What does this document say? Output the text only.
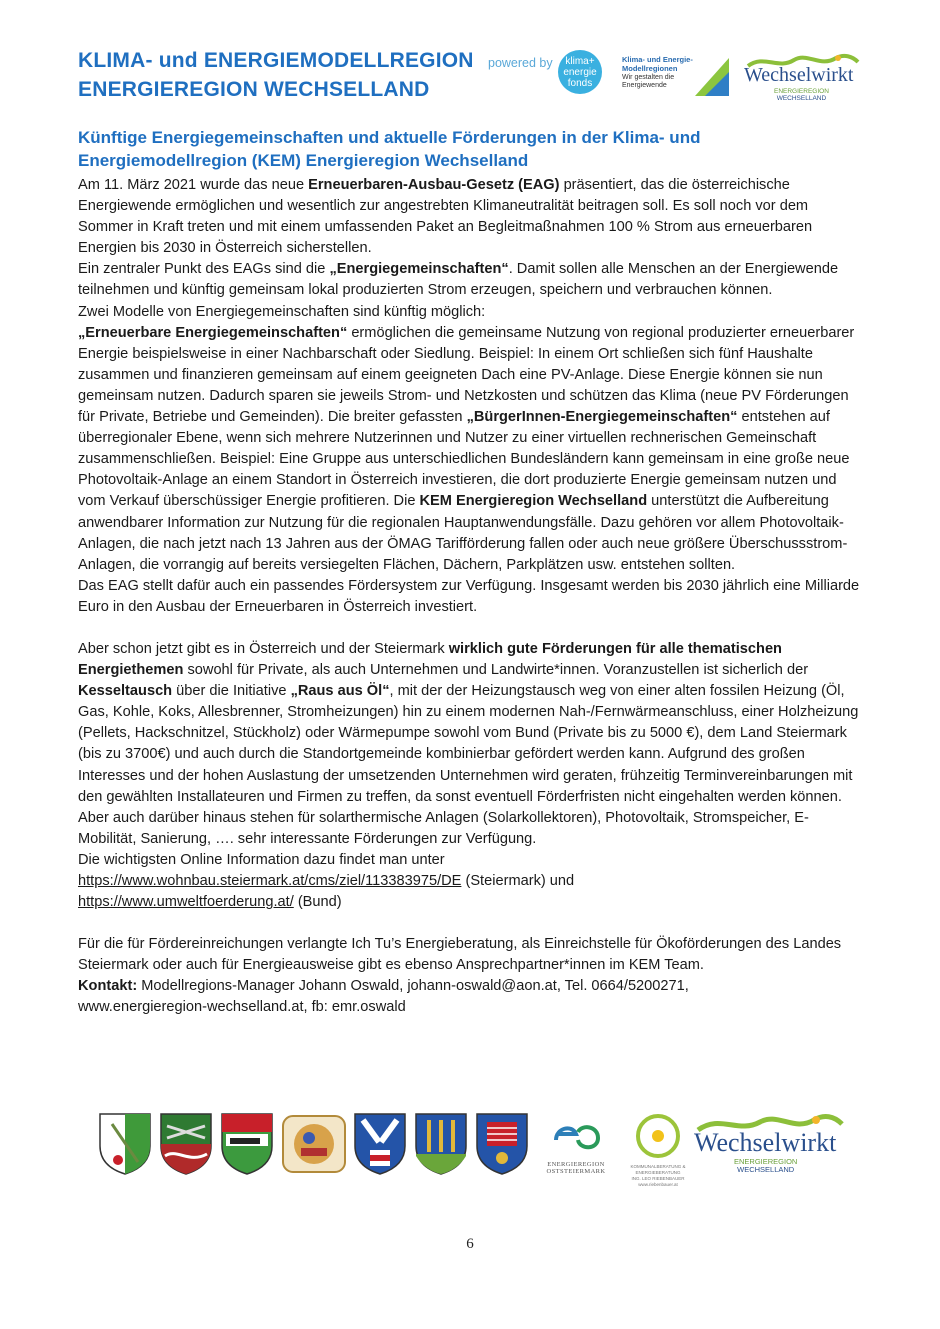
KLIMA- und ENERGIEMODELLREGION
ENERGIEREGION WECHSELLAND
powered by	klima+
energie
fonds
Klima- und Energie-
Modellregionen
Wir gestalten die Energiewende	Wechselwirkt
ENERGIEREGION
WECHSELLAND
Künftige Energiegemeinschaften und aktuelle Förderungen in der Klima- und Energiemodellregion (KEM) Energieregion Wechselland

Am 11. März 2021 wurde das neue Erneuerbaren-Ausbau-Gesetz (EAG) präsentiert, das die österreichische Energiewende ermöglichen und wesentlich zur angestrebten Klimaneutralität beitragen soll. Es soll noch vor dem Sommer in Kraft treten und mit einem umfassenden Paket an Begleitmaßnahmen 100 % Strom aus erneuerbaren Energien bis 2030 in Österreich sicherstellen.

Ein zentraler Punkt des EAGs sind die „Energiegemeinschaften“. Damit sollen alle Menschen an der Energiewende teilnehmen und künftig gemeinsam lokal produzierten Strom erzeugen, speichern und verbrauchen können.

Zwei Modelle von Energiegemeinschaften sind künftig möglich:

„Erneuerbare Energiegemeinschaften“ ermöglichen die gemeinsame Nutzung von regional produzierter erneuerbarer Energie beispielsweise in einer Nachbarschaft oder Siedlung. Beispiel: In einem Ort schließen sich fünf Haushalte zusammen und finanzieren gemeinsam auf einem geeigneten Dach eine PV-Anlage. Diese Energie können sie nun gemeinsam nutzen. Dadurch sparen sie jeweils Strom- und Netzkosten und schützen das Klima (neue PV Förderungen für Private, Betriebe und Gemeinden). Die breiter gefassten „BürgerInnen-Energiegemeinschaften“ entstehen auf überregionaler Ebene, wenn sich mehrere Nutzerinnen und Nutzer zu einer virtuellen rechnerischen Gemeinschaft zusammenschließen. Beispiel: Eine Gruppe aus unterschiedlichen Bundesländern kann gemeinsam in eine große neue Photovoltaik-Anlage an einem Standort in Österreich investieren, die dort produzierte Energie gemeinsam nutzen und vom Verkauf überschüssiger Energie profitieren. Die KEM Energieregion Wechselland unterstützt die Aufbereitung anwendbarer Information zur Nutzung für die regionalen Hauptanwendungsfälle. Dazu gehören vor allem Photovoltaik-Anlagen, die nach jetzt nach 13 Jahren aus der ÖMAG Tarifförderung fallen oder auch neue größere Überschussstrom-Anlagen, die vorrangig auf bereits versiegelten Flächen, Dächern, Parkplätzen usw. entstehen sollten.

Das EAG stellt dafür auch ein passendes Fördersystem zur Verfügung. Insgesamt werden bis 2030 jährlich eine Milliarde Euro in den Ausbau der Erneuerbaren in Österreich investiert.

Aber schon jetzt gibt es in Österreich und der Steiermark wirklich gute Förderungen für alle thematischen Energiethemen sowohl für Private, als auch Unternehmen und Landwirte*innen. Voranzustellen ist sicherlich der Kesseltausch über die Initiative „Raus aus Öl“, mit der der Heizungstausch weg von einer alten fossilen Heizung (Öl, Gas, Kohle, Koks, Allesbrenner, Stromheizungen) hin zu einem modernen Nah-/Fernwärmeanschluss, einer Holzheizung (Pellets, Hackschnitzel, Stückholz) oder Wärmepumpe sowohl vom Bund (Private bis zu 5000 €), dem Land Steiermark (bis zu 3700€) und auch durch die Standortgemeinde kombinierbar gefördert werden kann. Aufgrund des großen Interesses und der hohen Auslastung der umsetzenden Unternehmen wird geraten, frühzeitig Terminvereinbarungen mit den gewählten Installateuren und Firmen zu treffen, da sonst eventuell Förderfristen nicht eingehalten werden können.

Aber auch darüber hinaus stehen für solarthermische Anlagen (Solarkollektoren), Photovoltaik, Stromspeicher, E-Mobilität, Sanierung, …. sehr interessante Förderungen zur Verfügung.

Die wichtigsten Online Information dazu findet man unter

https://www.wohnbau.steiermark.at/cms/ziel/113383975/DE (Steiermark) und

https://www.umweltfoerderung.at/ (Bund)

Für die für Fördereinreichungen verlangte Ich Tu’s Energieberatung, als Einreichstelle für Ökoförderungen des Landes Steiermark oder auch für Energieausweise gibt es ebenso Ansprechpartner*innen im KEM Team.

Kontakt: Modellregions-Manager Johann Oswald, johann-oswald@aon.at, Tel. 0664/5200271,

www.energieregion-wechselland.at, fb: emr.oswald

ENERGIEREGION
OSTSTEIERMARK
KOMMUNALBERATUNG & ENERGIEBERATUNG
ING. LEO RIEBENBAUER
www.riebenbauer.at
Wechselwirkt
ENERGIEREGION
WECHSELLAND
6
